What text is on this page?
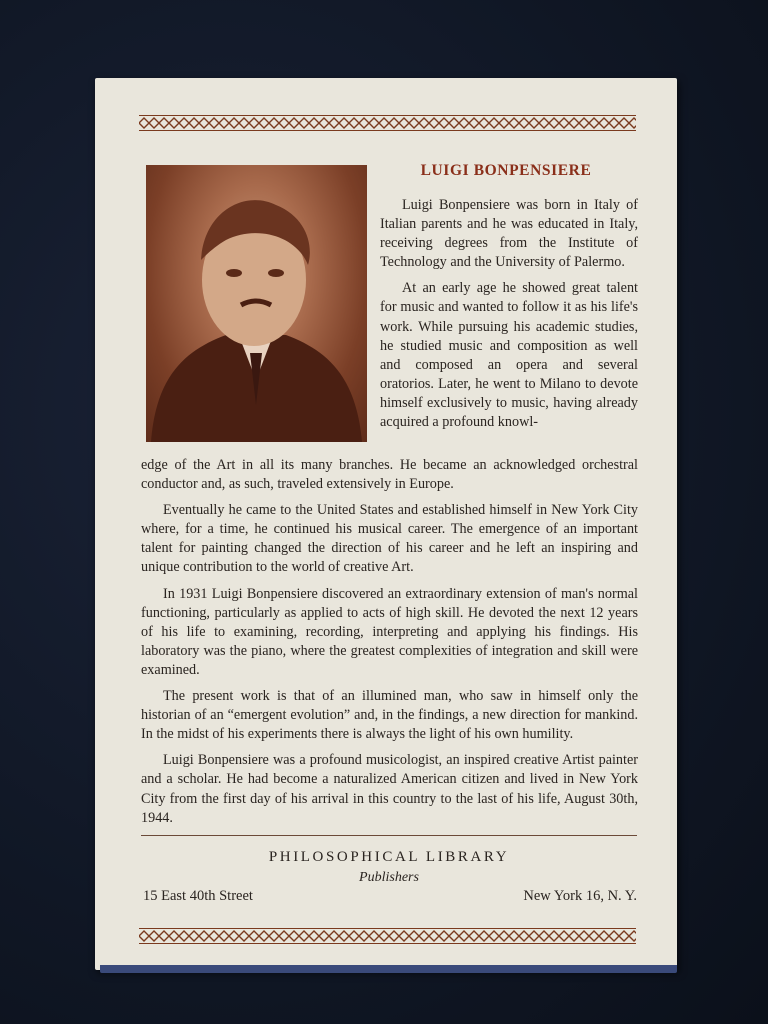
LUIGI BONPENSIERE

Luigi Bonpensiere was born in Italy of Italian parents and he was educated in Italy, receiving degrees from the Institute of Technology and the University of Palermo.

At an early age he showed great talent for music and wanted to follow it as his life's work. While pursuing his academic studies, he studied music and composition as well and composed an opera and several oratorios. Later, he went to Milano to devote himself exclusively to music, having already acquired a profound knowl-

edge of the Art in all its many branches. He became an acknowledged orchestral conductor and, as such, traveled extensively in Europe.

Eventually he came to the United States and established himself in New York City where, for a time, he continued his musical career. The emergence of an important talent for painting changed the direction of his career and he left an inspiring and unique contribution to the world of creative Art.

In 1931 Luigi Bonpensiere discovered an extraordinary extension of man's normal functioning, particularly as applied to acts of high skill. He devoted the next 12 years of his life to examining, recording, interpreting and applying his findings. His laboratory was the piano, where the greatest complexities of integration and skill were examined.

The present work is that of an illumined man, who saw in himself only the historian of an “emergent evolution” and, in the findings, a new direction for mankind. In the midst of his experiments there is always the light of his own humility.

Luigi Bonpensiere was a profound musicologist, an inspired creative Artist painter and a scholar. He had become a naturalized American citizen and lived in New York City from the first day of his arrival in this country to the last of his life, August 30th, 1944.

PHILOSOPHICAL LIBRARY
Publishers
15 East 40th Street	New York 16, N. Y.
